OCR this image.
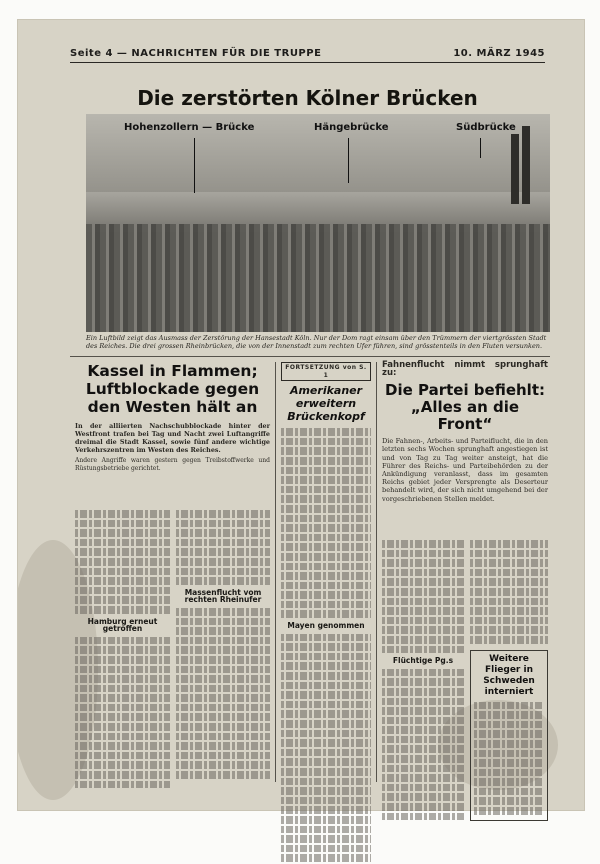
Seite 4 — NACHRICHTEN FÜR DIE TRUPPE	10. MÄRZ 1945
Die zerstörten Kölner Brücken
Hohenzollern — Brücke	Hängebrücke	Südbrücke
Ein Luftbild zeigt das Ausmass der Zerstörung der Hansestadt Köln. Nur der Dom ragt einsam über den Trümmern der viertgrössten Stadt des Reiches. Die drei grossen Rheinbrücken, die von der Innenstadt zum rechten Ufer führen, sind grösstenteils in den Fluten versunken.
Kassel in Flammen; Luftblockade gegen den Westen hält an
In der alliierten Nachschubblockade hinter der Westfront trafen bei Tag und Nacht zwei Luftangriffe dreimal die Stadt Kassel, sowie fünf andere wichtige Verkehrszentren im Westen des Reiches.
Andere Angriffe waren gestern gegen Treibstoffwerke und Rüstungsbetriebe gerichtet.
Hamburg erneut getroffen
Massenflucht vom rechten Rheinufer
FORTSETZUNG von S. 1
Amerikaner erweitern Brückenkopf
Mayen genommen
Fahnenflucht nimmt sprunghaft zu:
Die Partei befiehlt: „Alles an die Front“
Die Fahnen-, Arbeits- und Parteiflucht, die in den letzten sechs Wochen sprunghaft angestiegen ist und von Tag zu Tag weiter ansteigt, hat die Führer des Reichs- und Parteibehörden zu der Ankündigung veranlasst, dass im gesamten Reichs gebiet jeder Versprengte als Deserteur behandelt wird, der sich nicht umgehend bei der vorgeschriebenen Stellen meldet.
Flüchtige Pg.s	Weitere Flieger in Schweden interniert
